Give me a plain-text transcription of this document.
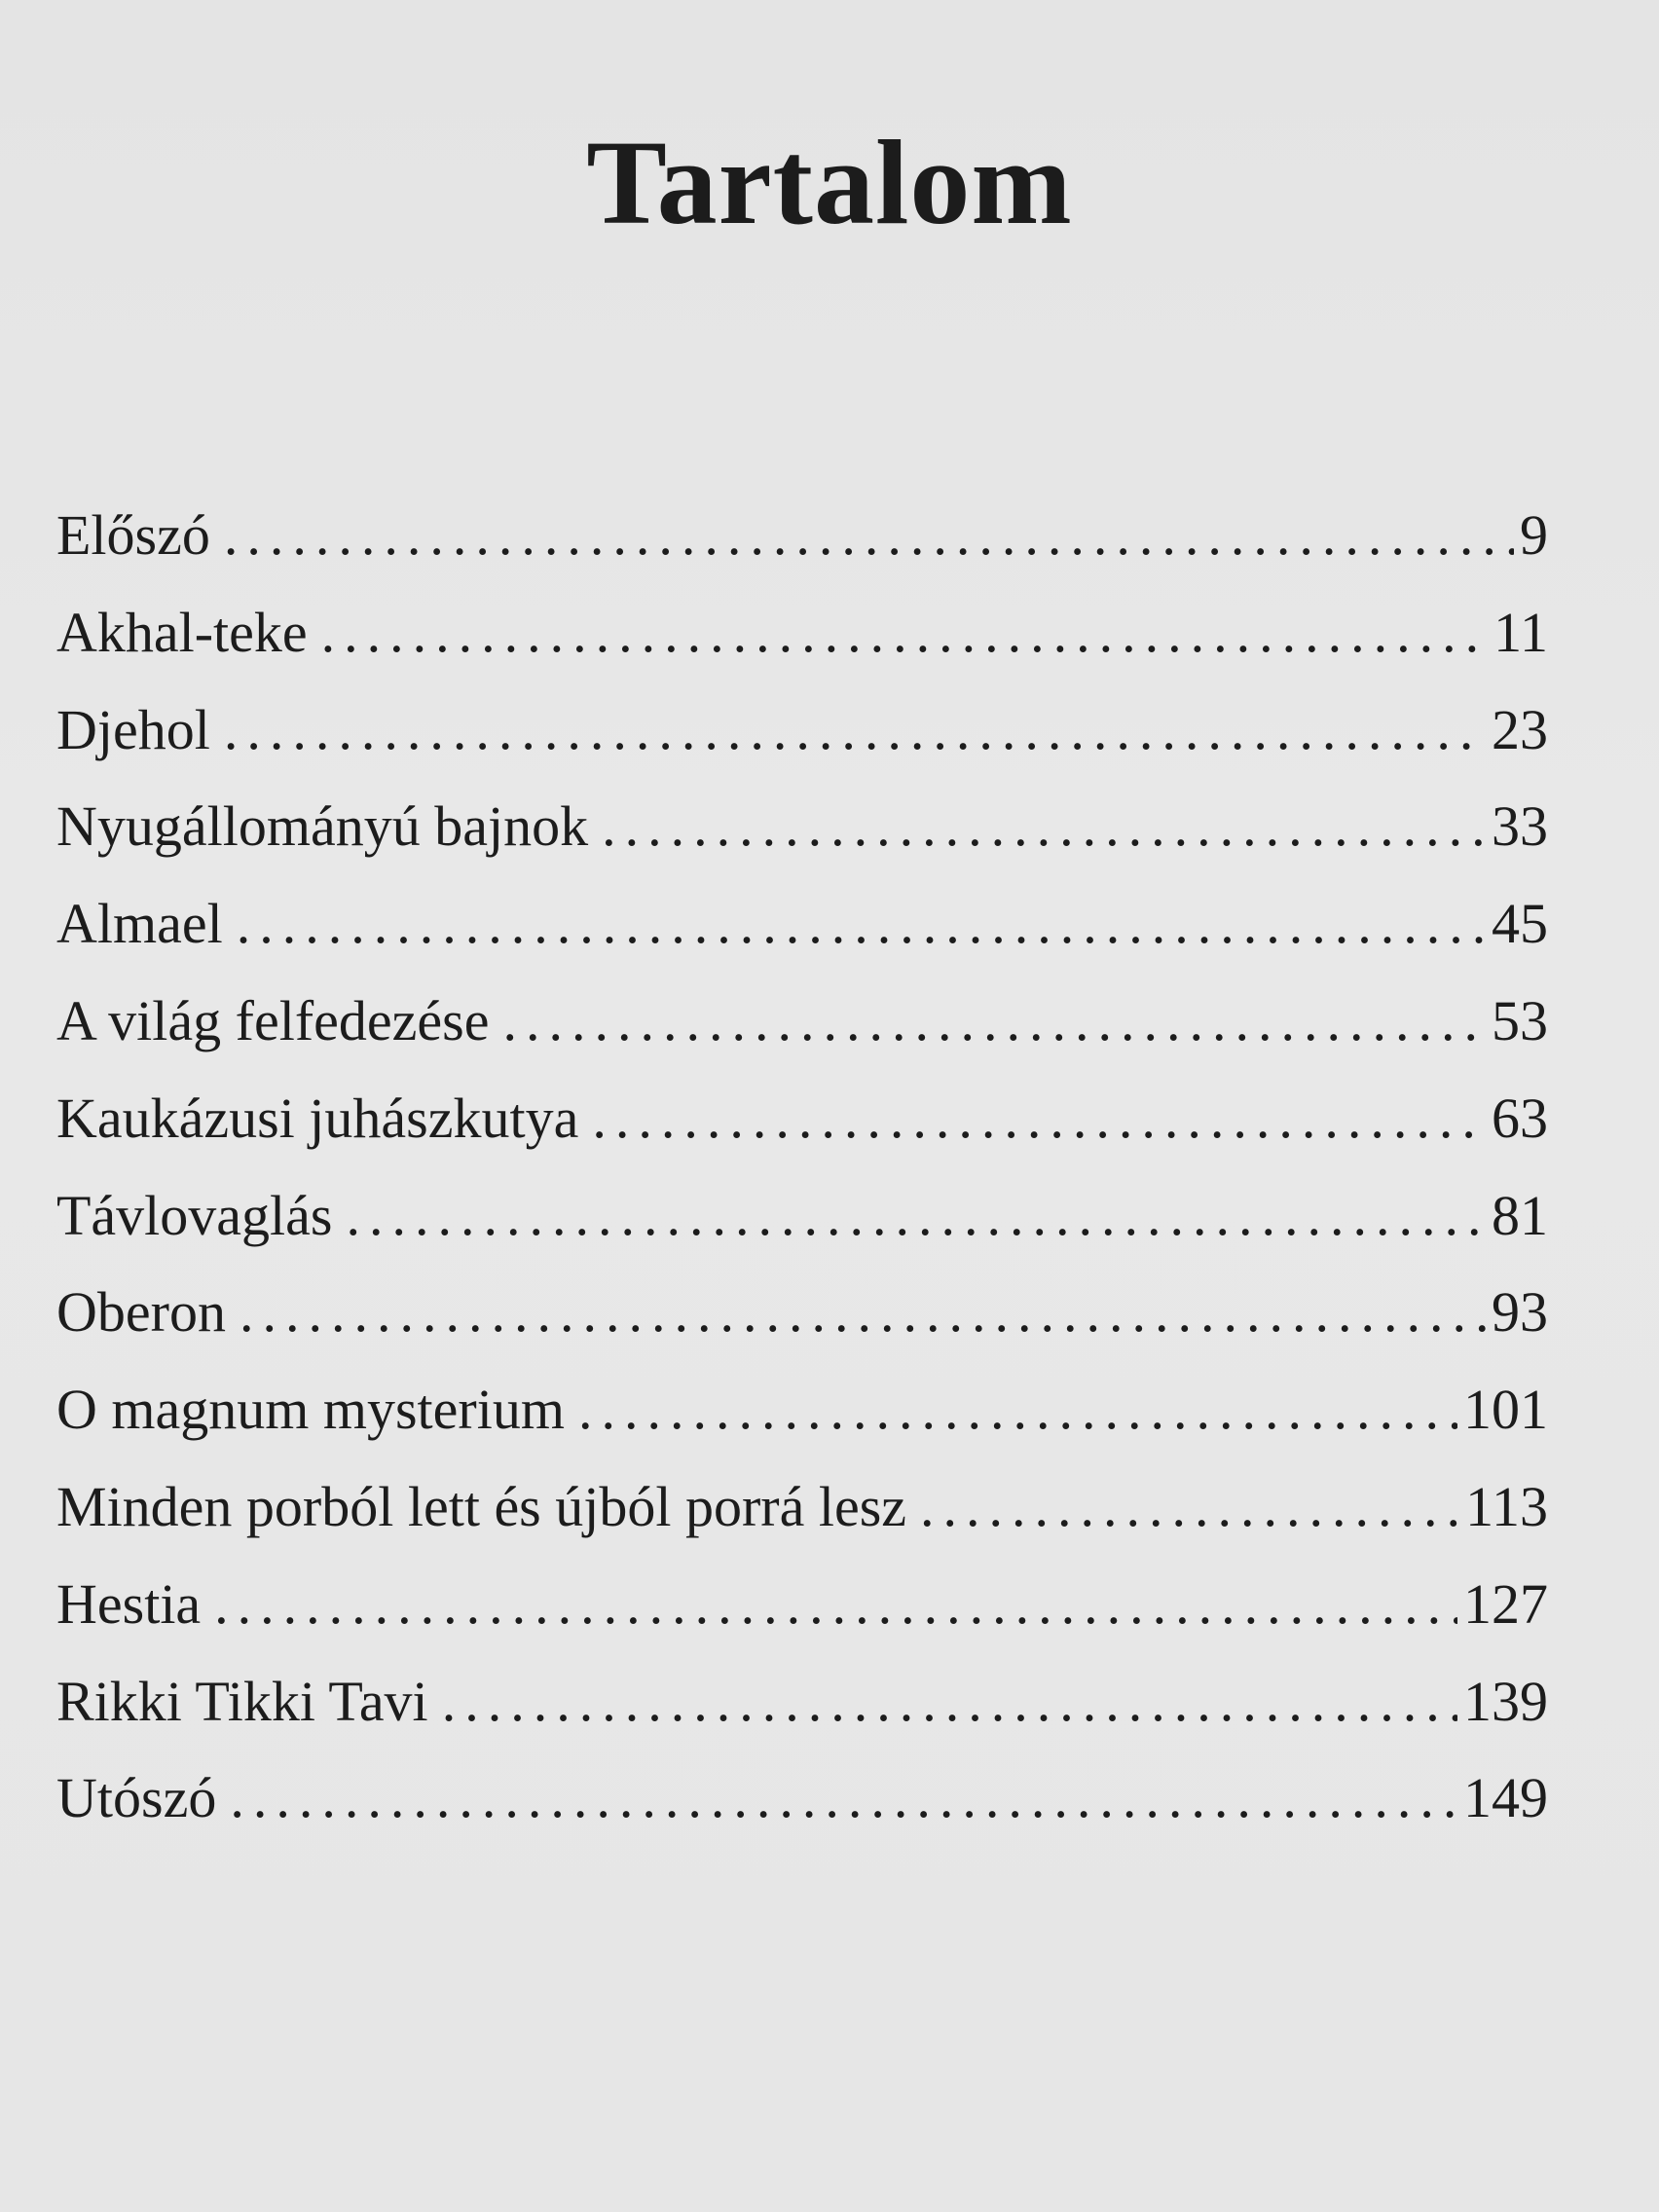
Tartalom
Előszó .....	9
Akhal-teke .....	11
Djehol .....	23
Nyugállományú bajnok .....	33
Almael .....	45
A világ felfedezése .....	53
Kaukázusi juhászkutya .....	63
Távlovaglás .....	81
Oberon .....	93
O magnum mysterium .....	101
Minden porból lett és újból porrá lesz .....	113
Hestia .....	127
Rikki Tikki Tavi .....	139
Utószó .....	149
